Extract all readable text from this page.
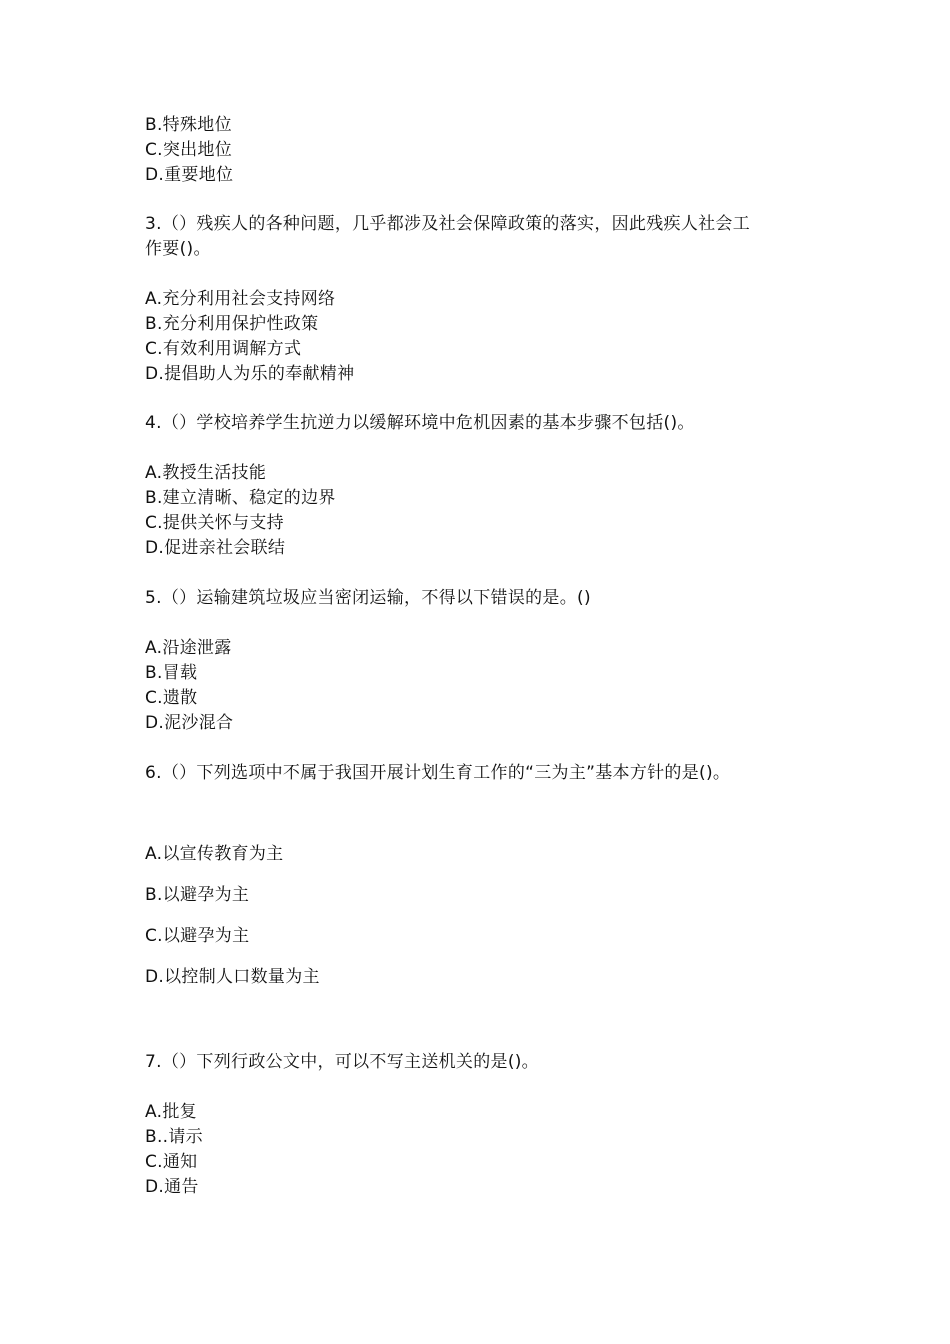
B.特殊地位
C.突出地位
D.重要地位
3.（）残疾人的各种问题，几乎都涉及社会保障政策的落实，因此残疾人社会工
作要()。
A.充分利用社会支持网络
B.充分利用保护性政策
C.有效利用调解方式
D.提倡助人为乐的奉献精神
4.（）学校培养学生抗逆力以缓解环境中危机因素的基本步骤不包括()。
A.教授生活技能
B.建立清晰、稳定的边界
C.提供关怀与支持
D.促进亲社会联结
5.（）运输建筑垃圾应当密闭运输，不得以下错误的是。()
A.沿途泄露
B.冒载
C.遗散
D.泥沙混合
6.（）下列选项中不属于我国开展计划生育工作的“三为主”基本方针的是()。
A.以宣传教育为主
B.以避孕为主
C.以避孕为主
D.以控制人口数量为主
7.（）下列行政公文中，可以不写主送机关的是()。
A.批复
B..请示
C.通知
D.通告
